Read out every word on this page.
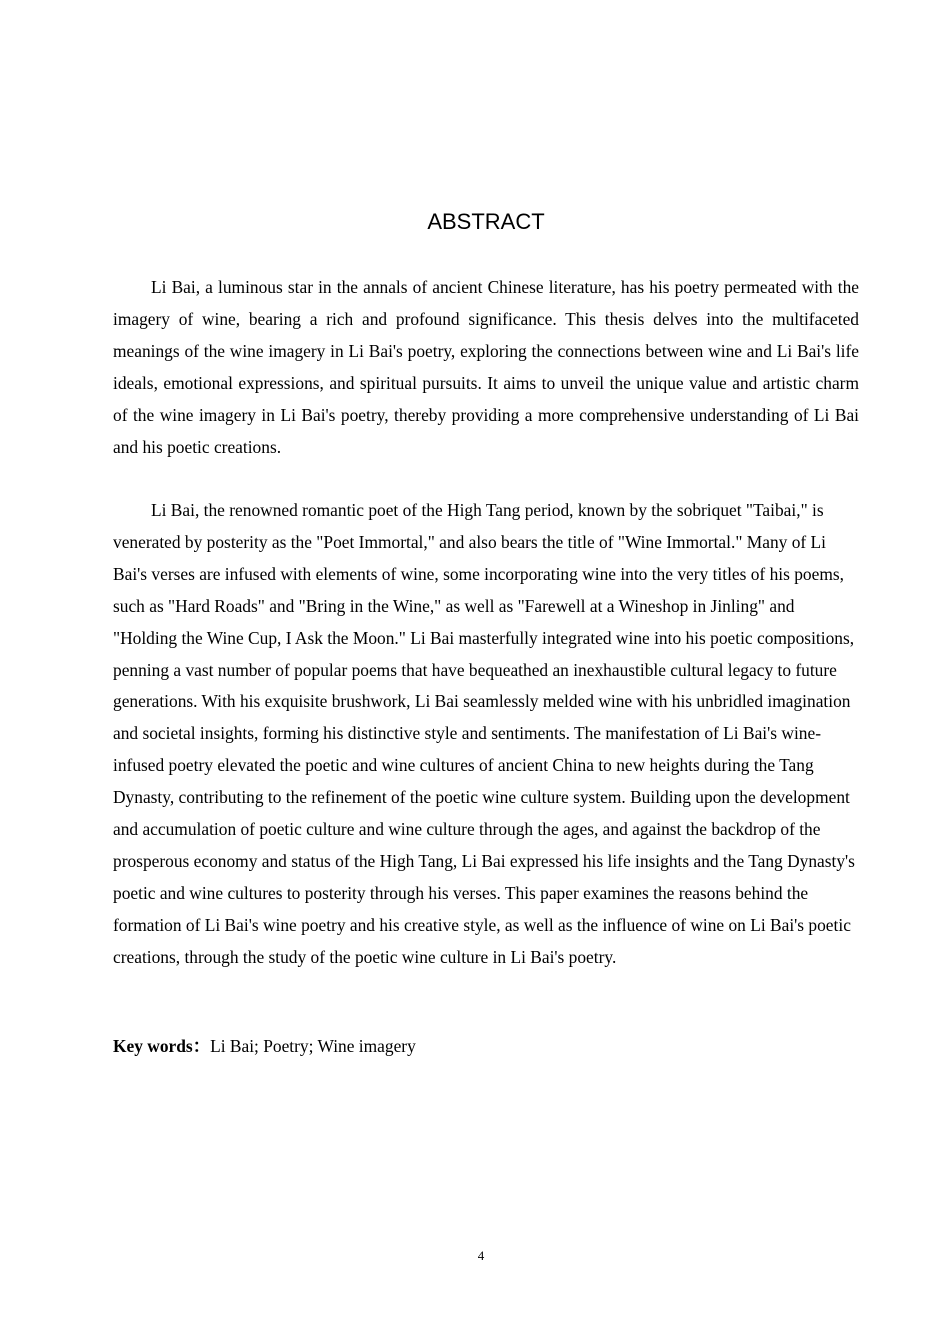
ABSTRACT

Li Bai, a luminous star in the annals of ancient Chinese literature, has his poetry permeated with the imagery of wine, bearing a rich and profound significance. This thesis delves into the multifaceted meanings of the wine imagery in Li Bai's poetry, exploring the connections between wine and Li Bai's life ideals, emotional expressions, and spiritual pursuits. It aims to unveil the unique value and artistic charm of the wine imagery in Li Bai's poetry, thereby providing a more comprehensive understanding of Li Bai and his poetic creations.

Li Bai, the renowned romantic poet of the High Tang period, known by the sobriquet "Taibai," is venerated by posterity as the "Poet Immortal," and also bears the title of "Wine Immortal." Many of Li Bai's verses are infused with elements of wine, some incorporating wine into the very titles of his poems, such as "Hard Roads" and "Bring in the Wine," as well as "Farewell at a Wineshop in Jinling" and "Holding the Wine Cup, I Ask the Moon." Li Bai masterfully integrated wine into his poetic compositions, penning a vast number of popular poems that have bequeathed an inexhaustible cultural legacy to future generations. With his exquisite brushwork, Li Bai seamlessly melded wine with his unbridled imagination and societal insights, forming his distinctive style and sentiments. The manifestation of Li Bai's wine-infused poetry elevated the poetic and wine cultures of ancient China to new heights during the Tang Dynasty, contributing to the refinement of the poetic wine culture system. Building upon the development and accumulation of poetic culture and wine culture through the ages, and against the backdrop of the prosperous economy and status of the High Tang, Li Bai expressed his life insights and the Tang Dynasty's poetic and wine cultures to posterity through his verses. This paper examines the reasons behind the formation of Li Bai's wine poetry and his creative style, as well as the influence of wine on Li Bai's poetic creations, through the study of the poetic wine culture in Li Bai's poetry.

Key words：Li Bai; Poetry; Wine imagery

4
